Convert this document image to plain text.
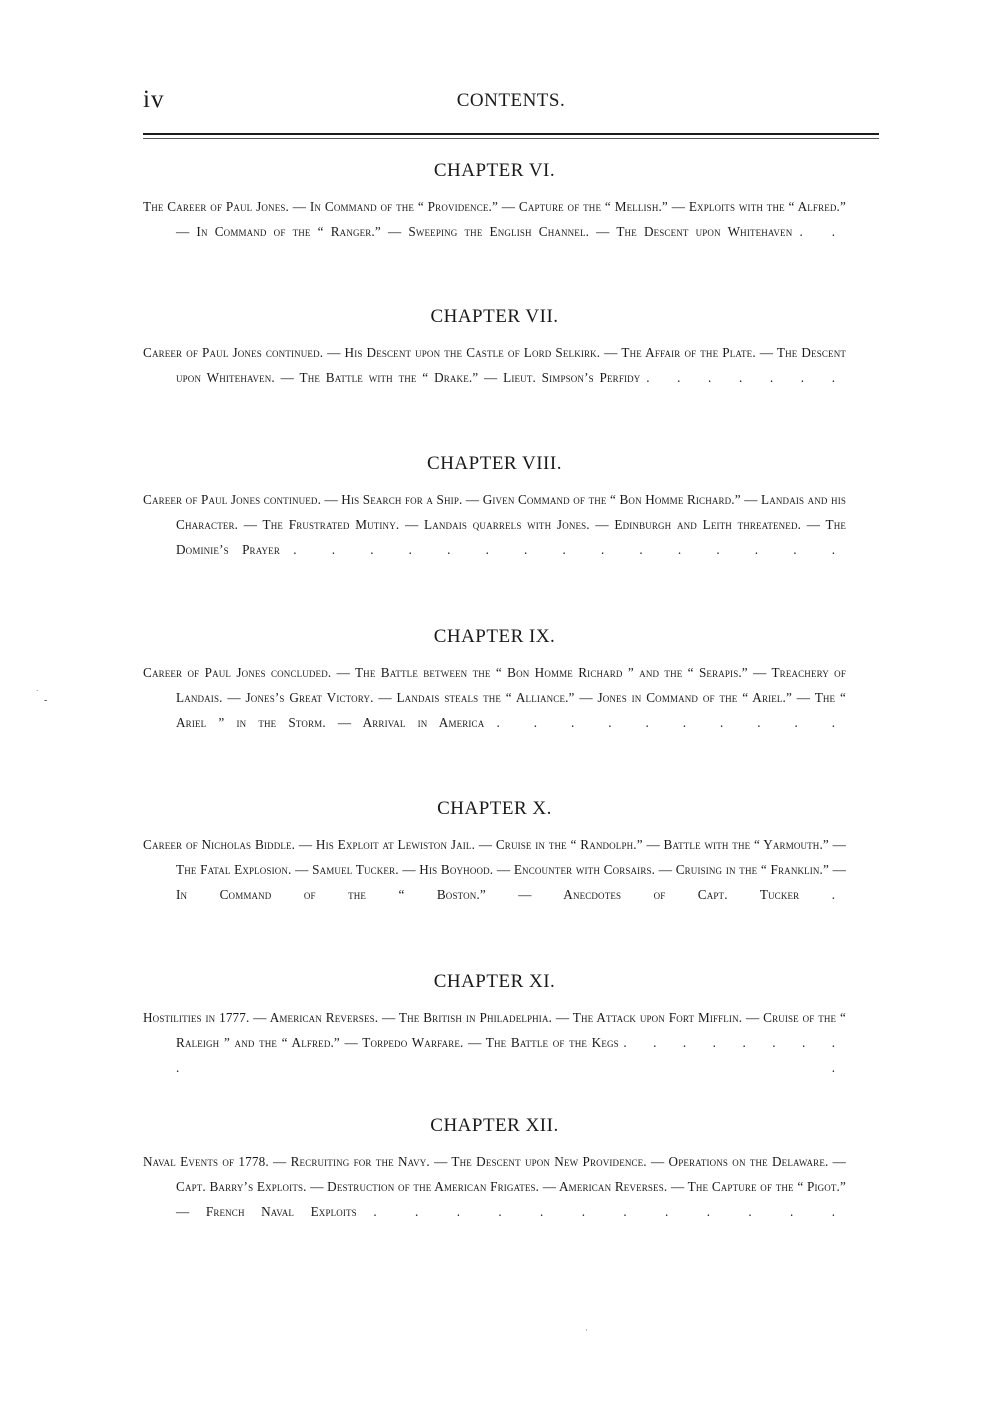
iv	CONTENTS.
CHAPTER VI.

The Career of Paul Jones. — In Command of the “ Providence.” — Capture of the “ Mellish.” — Exploits with the “ Alfred.” — In Command of the “ Ranger.” — Sweeping the English Channel. — The Descent upon Whitehaven . .

CHAPTER VII.

Career of Paul Jones continued. — His Descent upon the Castle of Lord Selkirk. — The Affair of the Plate. — The Descent upon Whitehaven. — The Battle with the “ Drake.” — Lieut. Simpson’s Perfidy . . . . . . .

CHAPTER VIII.

Career of Paul Jones continued. — His Search for a Ship. — Given Command of the “ Bon Homme Richard.” — Landais and his Character. — The Frustrated Mutiny. — Landais quarrels with Jones. — Edinburgh and Leith threatened. — The Dominie’s Prayer . . . . . . . . . . . . . . .

CHAPTER IX.

Career of Paul Jones concluded. — The Battle between the “ Bon Homme Richard ” and the “ Serapis.” — Treachery of Landais. — Jones’s Great Victory. — Landais steals the “ Alliance.” — Jones in Command of the “ Ariel.” — The “ Ariel ” in the Storm. — Arrival in America . . . . . . . . . .

CHAPTER X.

Career of Nicholas Biddle. — His Exploit at Lewiston Jail. — Cruise in the “ Randolph.” — Battle with the “ Yarmouth.” — The Fatal Explosion. — Samuel Tucker. — His Boyhood. — Encounter with Corsairs. — Cruising in the “ Franklin.” — In Command of the “ Boston.” — Anecdotes of Capt. Tucker .

CHAPTER XI.

Hostilities in 1777. — American Reverses. — The British in Philadelphia. — The Attack upon Fort Mifflin. — Cruise of the “ Raleigh ” and the “ Alfred.” — Torpedo Warfare. — The Battle of the Kegs . . . . . . . . . .

CHAPTER XII.

Naval Events of 1778. — Recruiting for the Navy. — The Descent upon New Providence. — Operations on the Delaware. — Capt. Barry’s Exploits. — Destruction of the American Frigates. — American Reverses. — The Capture of the “ Pigot.” — French Naval Exploits . . . . . . . . . . . .

·
-
·
